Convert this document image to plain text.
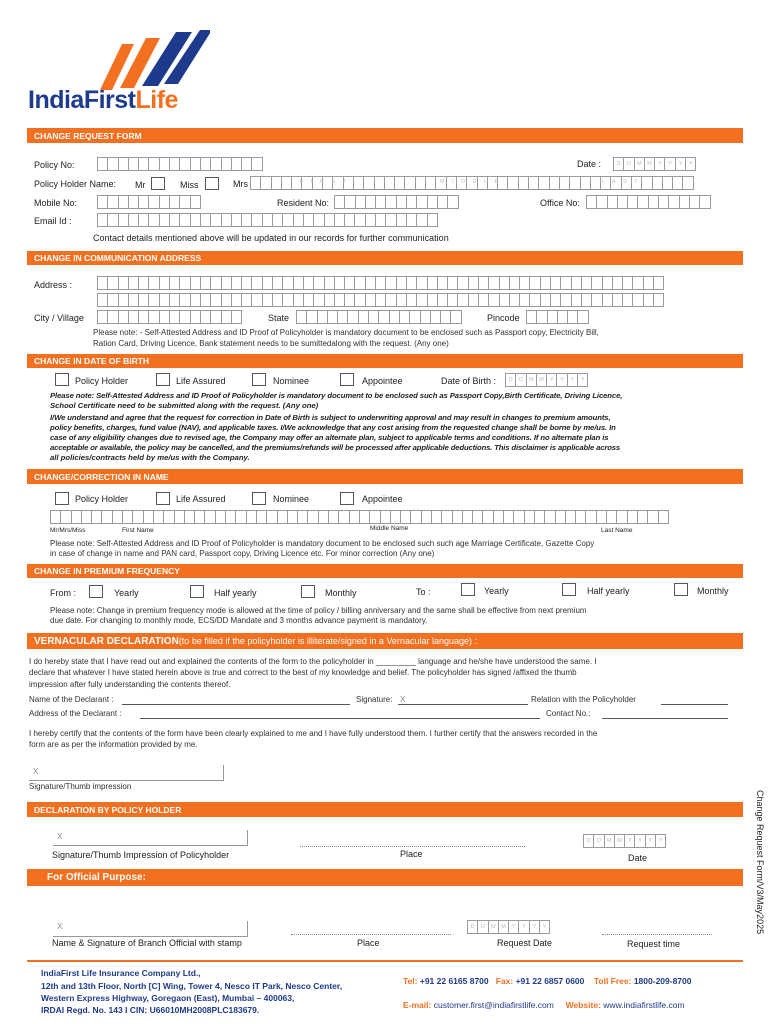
IndiaFirstLife
Change Request Form/V3/May2025
CHANGE REQUEST FORM
Policy No:	Date :	D	D	M	M	Y	Y	Y	Y
Policy Holder Name: Mr	Miss	Mrs	F I R S T	M I D D L E	L A S T
Mobile No:	Resident No:	Office No:
Email Id :
Contact details mentioned above will be updated in our records for further communication
CHANGE IN COMMUNICATION ADDRESS
Address :
City / Village	State	Pincode
Please note: - Self-Attested Address and ID Proof of Policyholder is mandatory document to be enclosed such as Passport copy, Electricity Bill,
Ration Card, Driving Licence, Bank statement needs to be sumittedalong with the request. (Any one)
CHANGE IN DATE OF BIRTH
Policy Holder	Life Assured	Nominee	Appointee	Date of Birth :	D	D	M	M	Y	Y	Y	Y
Please note: Self-Attested Address and ID Proof of Policyholder is mandatory document to be enclosed such as Passport Copy,Birth Certificate, Driving Licence,
School Certificate need to be submitted along with the request. (Any one)
I/We understand and agree that the request for correction in Date of Birth is subject to underwriting approval and may result in changes to premium amounts,
policy benefits, charges, fund value (NAV), and applicable taxes. I/We acknowledge that any cost arising from the requested change shall be borne by me/us. In
case of any eligibility changes due to revised age, the Company may offer an alternate plan, subject to applicable terms and conditions. If no alternate plan is
acceptable or available, the policy may be cancelled, and the premiums/refunds will be processed after applicable deductions. This disclaimer is applicable across
all policies/contracts held by me/us with the Company.
CHANGE/CORRECTION IN NAME
Policy Holder	Life Assured	Nominee	Appointee
Mr/Mrs/Miss	First Name	Middle Name	Last Name
Please note: Self-Attested Address and ID Proof of Policyholder is mandatory document to be enclosed such such age Marriage Certificate, Gazette Copy
in case of change in name and PAN card, Passport copy, Driving Licence etc. For minor correction (Any one)
CHANGE IN PREMIUM FREQUENCY
From :	Yearly	Half yearly	Monthly	To :	Yearly	Half yearly	Monthly
Please note: Change in premium frequency mode is allowed at the time of policy / billing anniversary and the same shall be effective from next premium
due date. For changing to monthly mode, ECS/DD Mandate and 3 months advance payment is mandatory.
VERNACULAR DECLARATION (to be filled if the policyholder is illiterate/signed in a Vernacular language) :
I do hereby state that I have read out and explained the contents of the form to the policyholder in _________ language and he/she have understood the same. I
declare that whatever I have stated herein above is true and correct to the best of my knowledge and belief. The policyholder has signed /affixed the thumb
impression after fully understanding the contents thereof.
Name of the Declarant :	Signature: X	Relation with the Policyholder
Address of the Declarant :	Contact No.:
I hereby certify that the contents of the form have been clearly explained to me and I have fully understood them. I further certify that the answers recorded in the
form are as per the information provided by me.
X
Signature/Thumb impression
DECLARATION BY POLICY HOLDER
X
Signature/Thumb Impression of Policyholder	Place
D	D	M	M	Y	Y	Y	Y
Date
For Official Purpose:
X
Name & Signature of Branch Official with stamp	Place
D	D	M	M	Y	Y	Y	Y
Request Date	Request time
IndiaFirst Life Insurance Company Ltd.,
12th and 13th Floor, North [C] Wing, Tower 4, Nesco IT Park, Nesco Center,
Western Express Highway, Goregaon (East), Mumbai – 400063,
IRDAI Regd. No. 143 I CIN: U66010MH2008PLC183679.
Tel: +91 22 6165 8700 Fax: +91 22 6857 0600 Toll Free: 1800-209-8700
E-mail: customer.first@indiafirstlife.com Website: www.indiafirstlife.com
